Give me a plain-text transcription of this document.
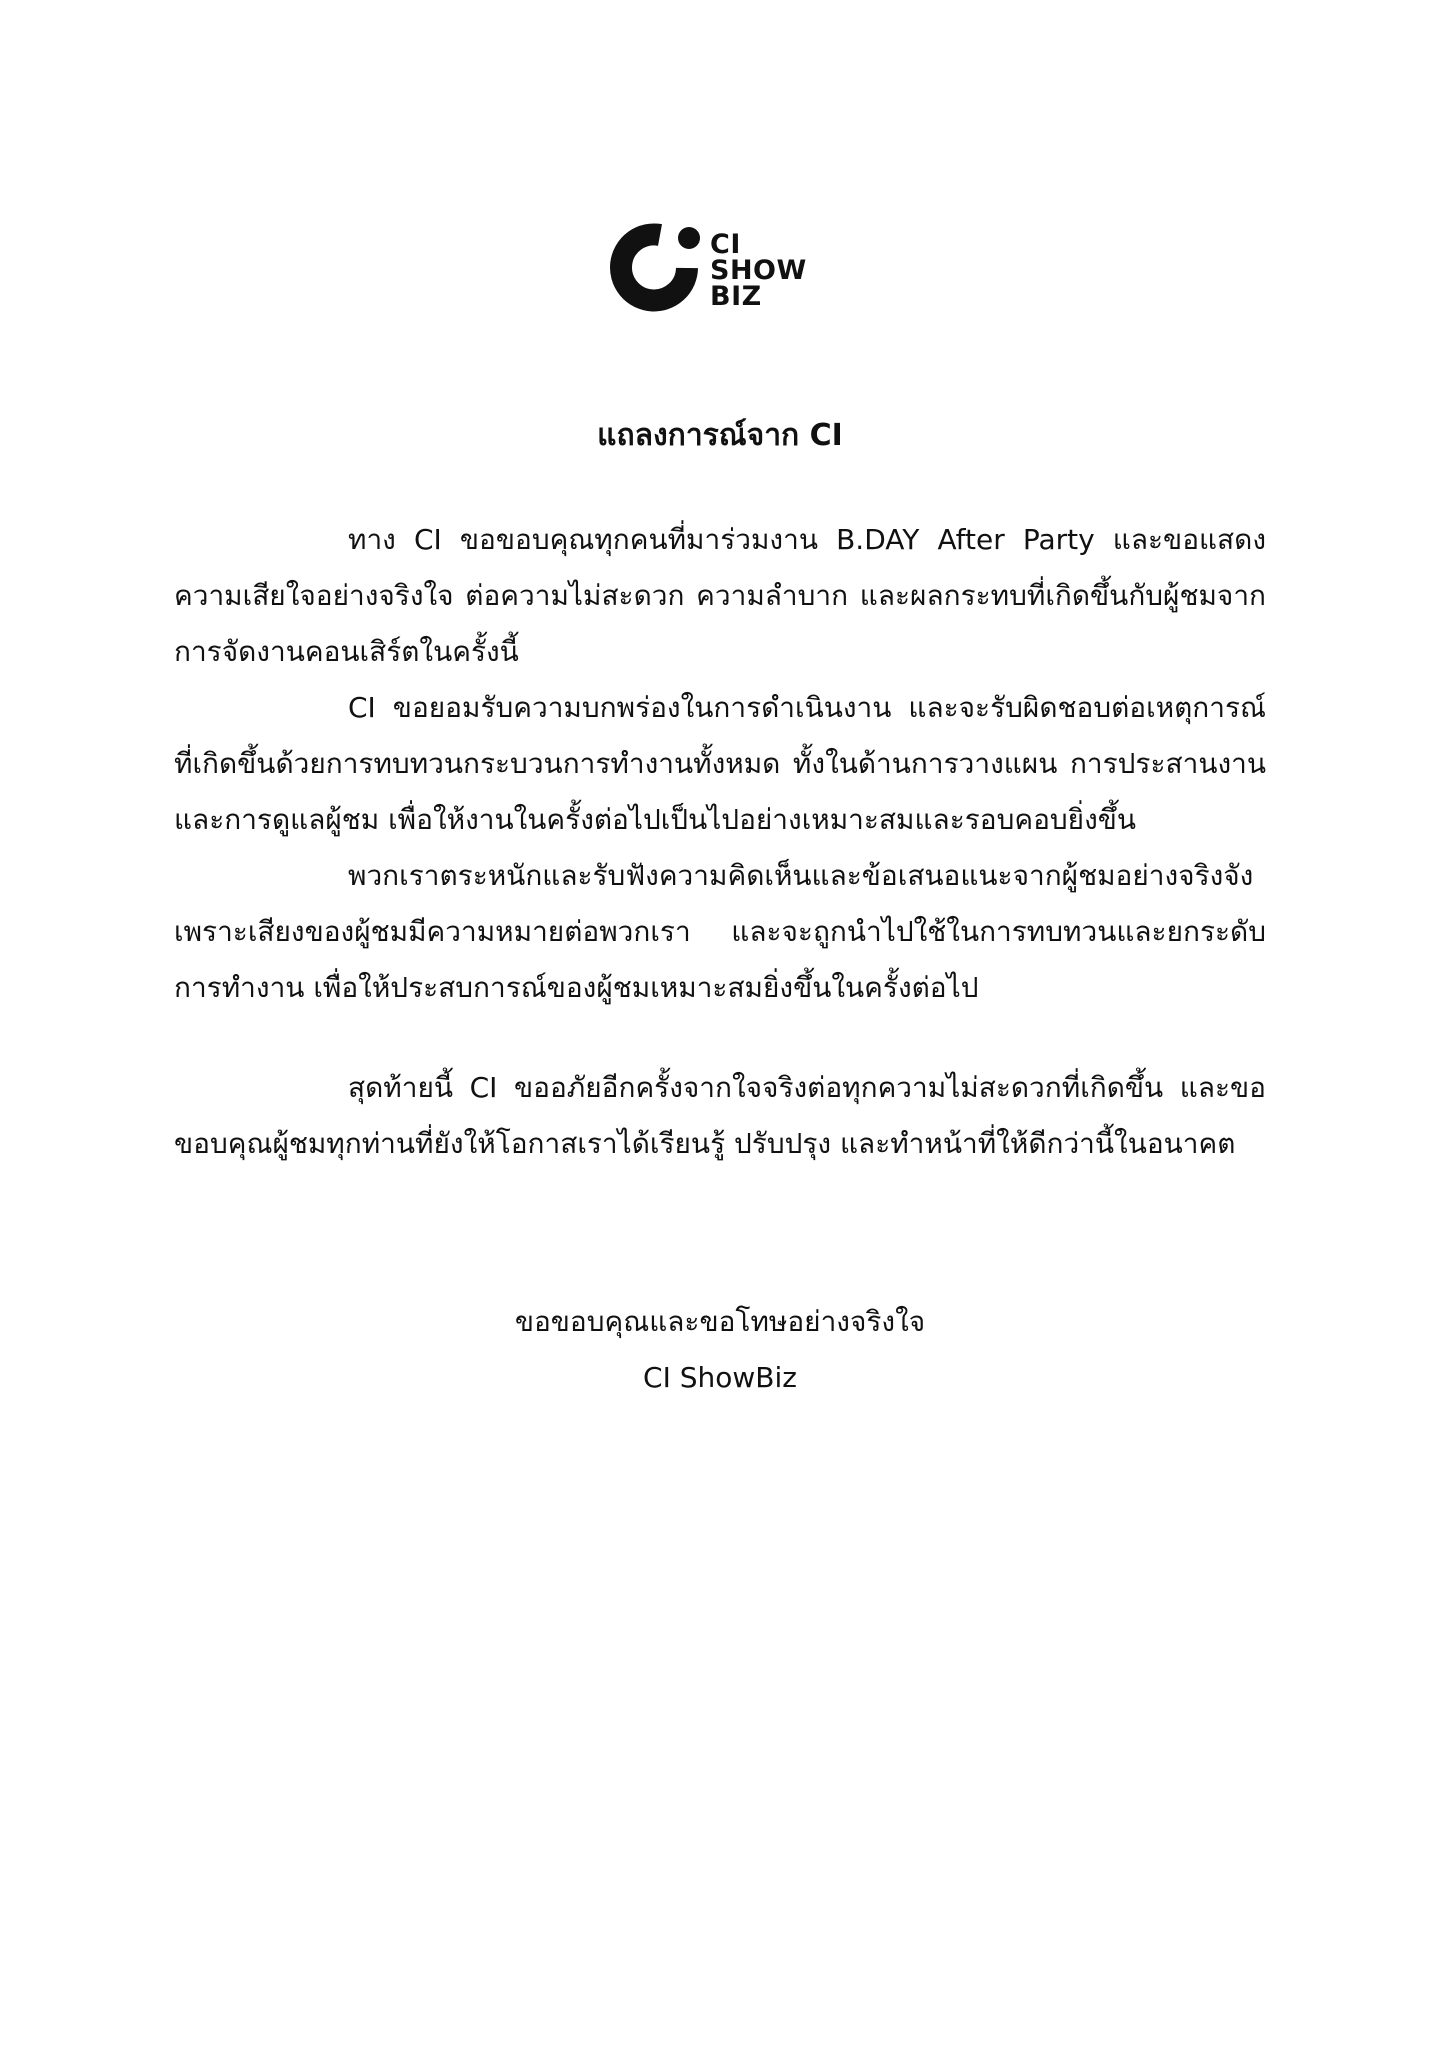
CI
SHOW
BIZ
แถลงการณ์จาก CI

ทาง CI ขอขอบคุณทุกคนที่มาร่วมงาน B.DAY After Party และขอแสดงความเสียใจอย่างจริงใจ ต่อความไม่สะดวก ความลำบาก และผลกระทบที่เกิดขึ้นกับผู้ชมจากการจัดงานคอนเสิร์ตในครั้งนี้

CI ขอยอมรับความบกพร่องในการดำเนินงาน และจะรับผิดชอบต่อเหตุการณ์ที่เกิดขึ้นด้วยการทบทวนกระบวนการทำงานทั้งหมด ทั้งในด้านการวางแผน การประสานงาน และการดูแลผู้ชม เพื่อให้งานในครั้งต่อไปเป็นไปอย่างเหมาะสมและรอบคอบยิ่งขึ้น

พวกเราตระหนักและรับฟังความคิดเห็นและข้อเสนอแนะจากผู้ชมอย่างจริงจัง เพราะเสียงของผู้ชมมีความหมายต่อพวกเรา และจะถูกนำไปใช้ในการทบทวนและยกระดับการทำงาน เพื่อให้ประสบการณ์ของผู้ชมเหมาะสมยิ่งขึ้นในครั้งต่อไป

สุดท้ายนี้ CI ขออภัยอีกครั้งจากใจจริงต่อทุกความไม่สะดวกที่เกิดขึ้น และขอขอบคุณผู้ชมทุกท่านที่ยังให้โอกาสเราได้เรียนรู้ ปรับปรุง และทำหน้าที่ให้ดีกว่านี้ในอนาคต

ขอขอบคุณและขอโทษอย่างจริงใจ
CI ShowBiz
